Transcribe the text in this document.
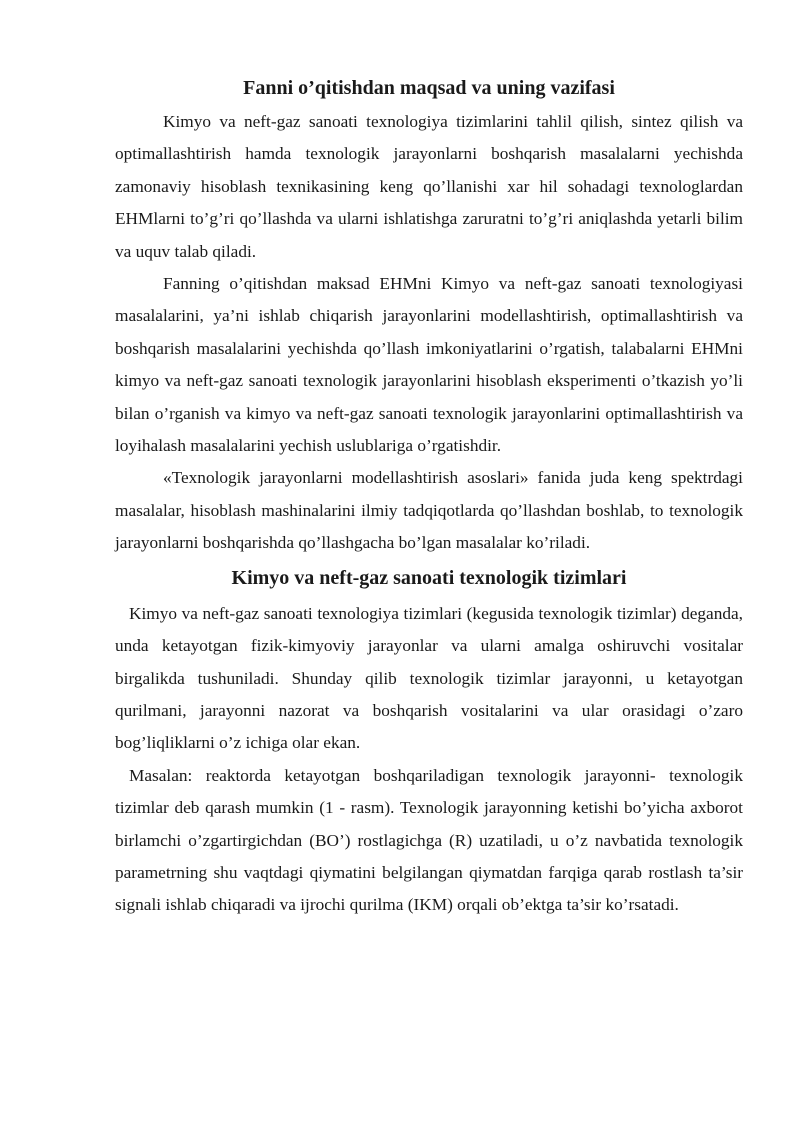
Fanni o’qitishdan maqsad va uning vazifasi

Kimyo va neft-gaz sanoati texnologiya tizimlarini tahlil qilish, sintez qilish va optimallashtirish hamda texnologik jarayonlarni boshqarish masalalarni yechishda zamonaviy hisoblash texnikasining keng qo’llanishi xar hil sohadagi texnologlardan EHMlarni to’g’ri qo’llashda va ularni ishlatishga zaruratni to’g’ri aniqlashda yetarli bilim va uquv talab qiladi.

Fanning o’qitishdan maksad EHMni Kimyo va neft-gaz sanoati texnologiyasi masalalarini, ya’ni ishlab chiqarish jarayonlarini modellashtirish, optimallashtirish va boshqarish masalalarini yechishda qo’llash imkoniyatlarini o’rgatish, talabalarni EHMni kimyo va neft-gaz sanoati texnologik jarayonlarini hisoblash eksperimenti o’tkazish yo’li bilan o’rganish va kimyo va neft-gaz sanoati texnologik jarayonlarini optimallashtirish va loyihalash masalalarini yechish uslublariga o’rgatishdir.

«Texnologik jarayonlarni modellashtirish asoslari» fanida juda keng spektrdagi masalalar, hisoblash mashinalarini ilmiy tadqiqotlarda qo’llashdan boshlab, to texnologik jarayonlarni boshqarishda qo’llashgacha bo’lgan masalalar ko’riladi.

Kimyo va neft-gaz sanoati texnologik tizimlari

Kimyo va neft-gaz sanoati texnologiya tizimlari (kegusida texnologik tizimlar) deganda, unda ketayotgan fizik-kimyoviy jarayonlar va ularni amalga oshiruvchi vositalar birgalikda tushuniladi. Shunday qilib texnologik tizimlar jarayonni, u ketayotgan qurilmani, jarayonni nazorat va boshqarish vositalarini va ular orasidagi o’zaro bog’liqliklarni o’z ichiga olar ekan.

Masalan: reaktorda ketayotgan boshqariladigan texnologik jarayonni- texnologik tizimlar deb qarash mumkin (1 - rasm). Texnologik jarayonning ketishi bo’yicha axborot birlamchi o’zgartirgichdan (BO’) rostlagichga (R) uzatiladi, u o’z navbatida texnologik parametrning shu vaqtdagi qiymatini belgilangan qiymatdan farqiga qarab rostlash ta’sir signali ishlab chiqaradi va ijrochi qurilma (IKM) orqali ob’ektga ta’sir ko’rsatadi.
